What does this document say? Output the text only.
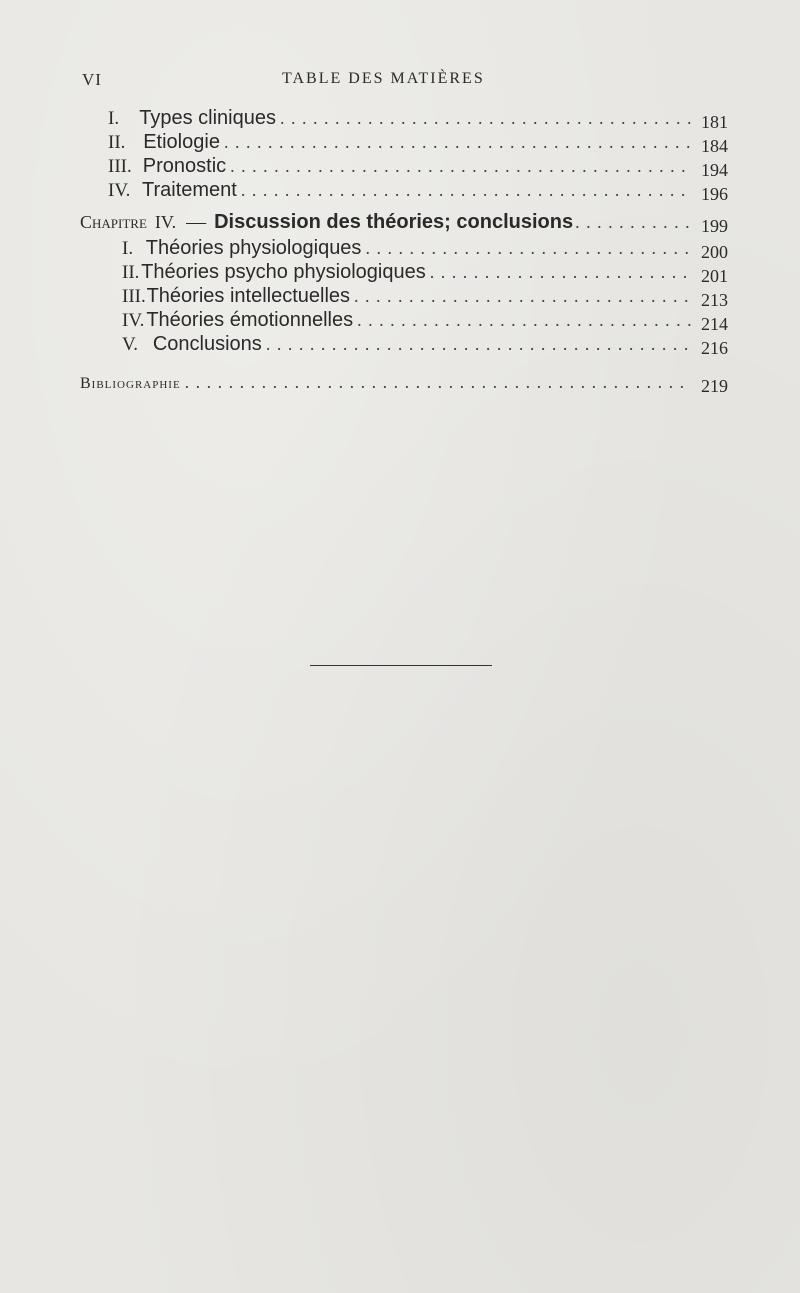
VI	TABLE DES MATIÈRES
I.	Types cliniques . . .	181
II. Etiologie . . .	184
III. Pronostic . . .	194
IV. Traitement . . .	196
Chapitre IV. — Discussion des théories; conclusions . . .	199
I. Théories physiologiques . . .	200
II. Théories psycho physiologiques . . .	201
III. Théories intellectuelles . . .	213
IV. Théories émotionnelles . . .	214
V. Conclusions . . .	216
Bibliographie . . .	219
